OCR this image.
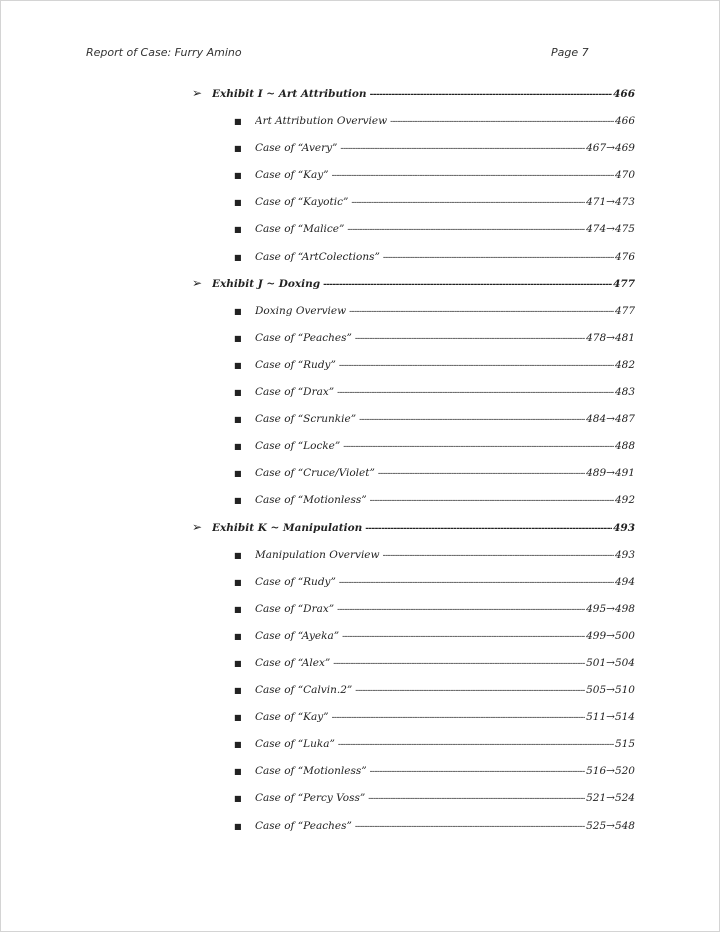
Report of Case: Furry Amino	Page 7
➢ Exhibit I ~ Art Attribution -----	466
■ Art Attribution Overview -----	466
■ Case of “Avery” -----	467→469
■ Case of “Kay” -----	470
■ Case of “Kayotic” -----	471→473
■ Case of “Malice” -----	474→475
■ Case of “ArtColections” -----	476
➢ Exhibit J ~ Doxing -----	477
■ Doxing Overview -----	477
■ Case of “Peaches” -----	478→481
■ Case of “Rudy” -----	482
■ Case of “Drax” -----	483
■ Case of “Scrunkie” -----	484→487
■ Case of “Locke” -----	488
■ Case of “Cruce/Violet” -----	489→491
■ Case of “Motionless” -----	492
➢ Exhibit K ~ Manipulation -----	493
■ Manipulation Overview -----	493
■ Case of “Rudy” -----	494
■ Case of “Drax” -----	495→498
■ Case of “Ayeka” -----	499→500
■ Case of “Alex” -----	501→504
■ Case of “Calvin.2” -----	505→510
■ Case of “Kay” -----	511→514
■ Case of “Luka” -----	515
■ Case of “Motionless” -----	516→520
■ Case of “Percy Voss” -----	521→524
■ Case of “Peaches” -----	525→548
